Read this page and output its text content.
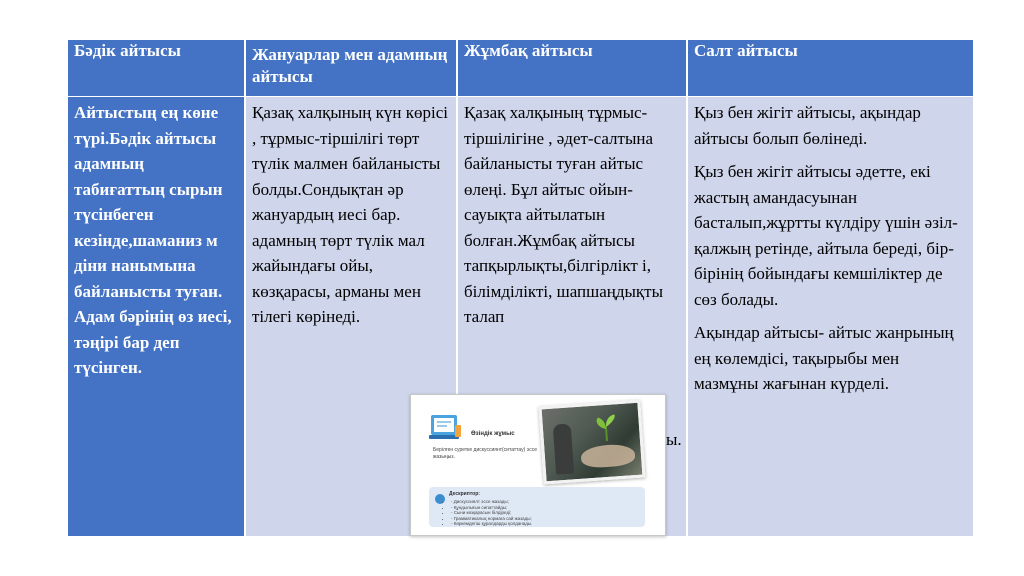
Бәдік айтысы	Жануарлар мен адамның айтысы
Жұмбақ айтысы	Салт айтысы
Айтыстың ең көне түрі.Бәдік айтысы адамның табиғаттың сырын түсінбеген кезінде,шаманиз м діни нанымына байланысты туған. Адам бәрінің өз иесі, тәңірі бар деп түсінген.
Қазақ халқының күн көрісі , тұрмыс-тіршілігі төрт түлік малмен байланысты болды.Сондықтан әр жануардың иесі бар. адамның төрт түлік мал жайындағы ойы, көзқарасы, арманы мен тілегі көрінеді.
Қазақ халқының тұрмыс-тіршілігіне , әдет-салтына байланысты туған айтыс өлеңі. Бұл айтыс ойын-сауықта айтылатын болған.Жұмбақ айтысы тапқырлықты,білгірлікт і, білімділікті, шапшаңдықты талап

Қыз бен жігіт айтысы, ақындар айтысы болып бөлінеді.

Қыз бен жігіт айтысы әдетте, екі жастың амандасуынан басталып,жұртты күлдіру үшін әзіл-қалжың ретінде, айтыла береді, бір-бірінің бойындағы кемшіліктер де сөз болады.

Ақындар айтысы- айтыс жанрының ең көлемдісі, тақырыбы мен мазмұны жағынан күрделі.

ы.
Өзіндік жұмыс
Берілген суретке дискуссиянт(ситаттау) эссе жазыңыз.
Дескриптор:
• - Дискуссиялт эссе жазады;
• - Құндылығын сипаттайды;
• - Сыни көзқарасын білдіреді;
• - Грамматикалық нормага сай жазады;
• - Көркемдегіш құралдарды қолданады.
